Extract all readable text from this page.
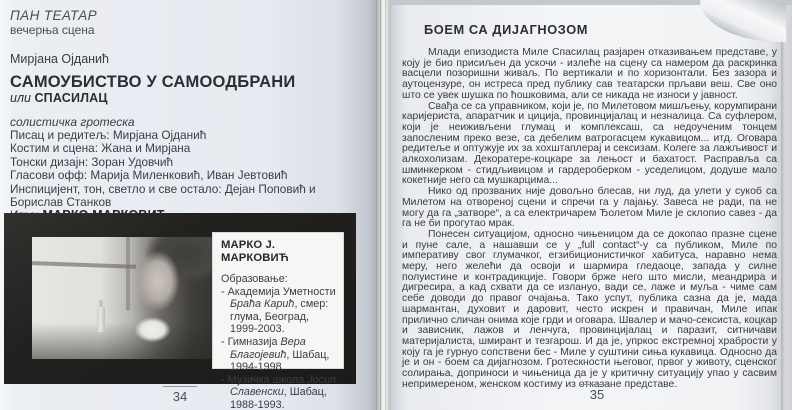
ПАН ТЕАТАР
вечерња сцена
Мирјана Ојданић
САМОУБИСТВО У САМООДБРАНИ
или СПАСИЛАЦ
солистичка гротеска
Писац и редитељ: Мирјана Ојданић
Костим и сцена: Жана и Мирјана
Тонски дизајн: Зоран Удовчић
Гласови офф: Марија Миленковић, Иван Јевтовић
Инспицијент, тон, светло и све остало: Дејан Поповић и Борислав Станков
МАРКО Ј. МАРКОВИЋ
Образовање:
- Академија Уметности Браћа Карић, смер: глума, Београд, 1999-2003.
- Гимназија Вера Благојевић, Шабац, 1994-1998.
- Музичка школа Јосип Славенски, Шабац, 1988-1993.
34
БОЕМ СА ДИЈАГНОЗОМ

Млади епизодиста Миле Спасилац разјарен отказивањем представе, у коју је био присиљен да ускочи - излеће на сцену са намером да раскринка васцели позоришни живаљ. По вертикали и по хоризонтали. Без зазора и аутоцензуре, он истреса пред публику сав театарски прљави веш. Све оно што се увек шушка по ћошковима, али се никада не износи у јавност.

Свађа се са управником, који је, по Милетовом мишљењу, корумпирани каријериста, апаратчик и циција, провинцијалац и незналица. Са суфлером, који је неиживљени глумац и комплексаш, са недоученим тонцем запосленим преко везе, са дебелим ватрогасцем кукавицом... итд. Оговара редитеље и оптужује их за хохштаплерај и сексизам. Колеге за лажљивост и алкохолизам. Декоратере-коцкаре за лењост и бахатост. Расправља са шминкерком - стидљивицом и гардероберком - уседелицом, додуше мало кокетније него са мушкарцима...

Нико од прозваних није довољно блесав, ни луд, да улети у сукоб са Милетом на отвореној сцени и спречи га у лајању. Завеса не ради, па не могу да га „затворе“, а са електричарем Ђолетом Миле је склопио савез - да га не би прогутао мрак.

Понесен ситуацијом, односно чињеницом да се докопао празне сцене и пуне сале, а нашавши се у „full contact“-у са публиком, Миле по императиву свог глумачког, егзибиционистичког хабитуса, наравно нема меру, него желећи да освоји и шармира гледаоце, запада у силне полуистине и контрадикције. Говори брже него што мисли, меандрира и дигресира, а кад схвати да се излануо, вади се, лаже и муља - чиме сам себе доводи до правог очајања. Тако успут, публика сазна да је, мада шармантан, духовит и даровит, често искрен и правичан, Миле ипак прилично сличан онима које грди и оговара. Швалер и мачо-сексиста, коцкар и зависник, лажов и ленчуга, провинцијалац и паразит, ситничави материјалиста, шмирант и тезгарош. И да је, упркос екстремној храбрости у коју га је гурнуо сопствени бес - Миле у суштини сиња кукавица. Односно да је и он - боем са дијагнозом. Гротескности његовог, првог у животу, сценског солирања, доприноси и чињеница да је у критичну ситуацију упао у сасвим непримереном, женском костиму из отказане представе.

35
